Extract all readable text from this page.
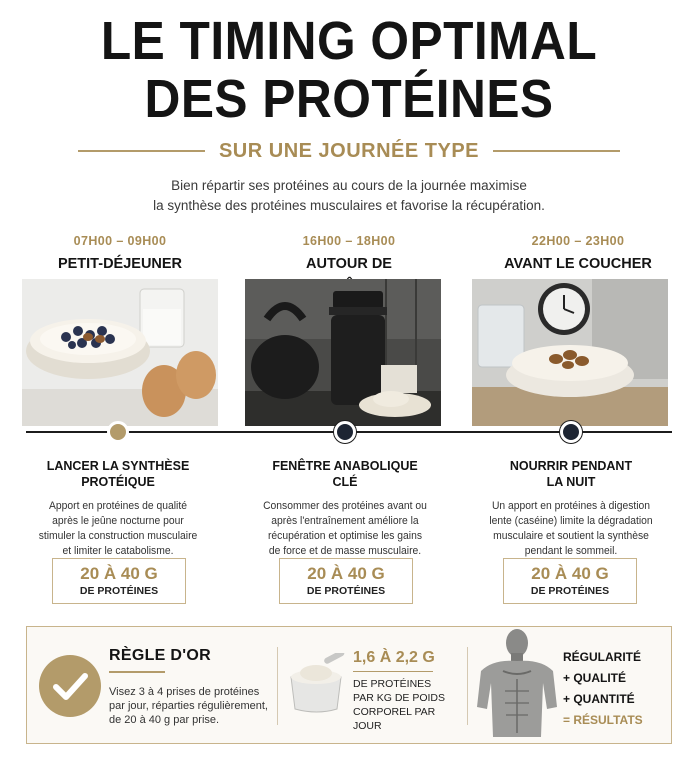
LE TIMING OPTIMAL
DES PROTÉINES
SUR UNE JOURNÉE TYPE
Bien répartir ses protéines au cours de la journée maximise
la synthèse des protéines musculaires et favorise la récupération.
07H00 – 09H00
PETIT-DÉJEUNER
16H00 – 18H00
AUTOUR DE
22H00 – 23H00
AVANT LE COUCHER
LANCER LA SYNTHÈSE
PROTÉIQUE
Apport en protéines de qualité
après le jeûne nocturne pour
stimuler la construction musculaire
et limiter le catabolisme.
FENÊTRE ANABOLIQUE
CLÉ
Consommer des protéines avant ou
après l'entraînement améliore la
récupération et optimise les gains
de force et de masse musculaire.
NOURRIR PENDANT
LA NUIT
Un apport en protéines à digestion
lente (caséine) limite la dégradation
musculaire et soutient la synthèse
pendant le sommeil.
20 À 40 G
DE PROTÉINES
20 À 40 G
DE PROTÉINES
20 À 40 G
DE PROTÉINES
RÈGLE D'OR
Visez 3 à 4 prises de protéines
par jour, réparties régulièrement,
de 20 à 40 g par prise.
1,6 À 2,2 G
DE PROTÉINES
PAR KG DE POIDS
CORPOREL PAR JOUR
RÉGULARITÉ
+ QUALITÉ
+ QUANTITÉ
= RÉSULTATS
